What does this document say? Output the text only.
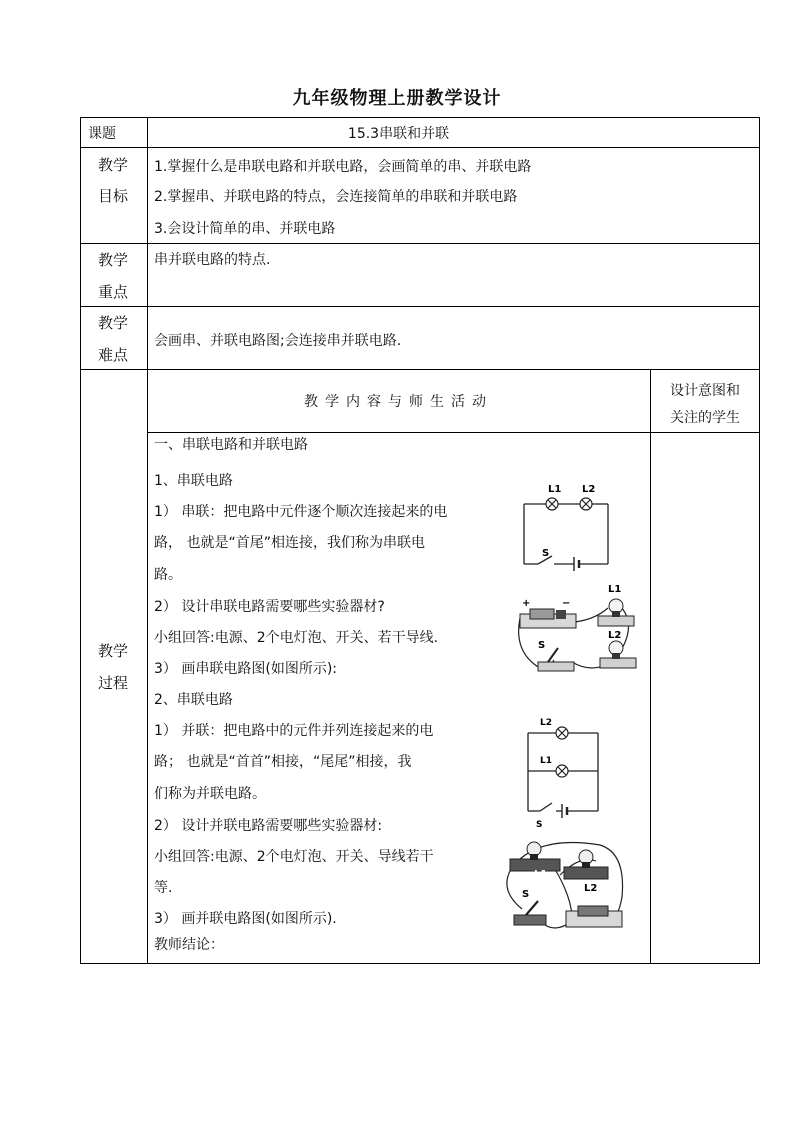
九年级物理上册教学设计
课题	15.3串联和并联
教学
目标
1.掌握什么是串联电路和并联电路，会画简单的串、并联电路
2.掌握串、并联电路的特点，会连接简单的串联和并联电路
3.会设计简单的串、并联电路
教学
重点
串并联电路的特点.
教学
难点
会画串、并联电路图;会连接串并联电路.
教学
过程
教学内容与师生活动
设计意图和
关注的学生
一、串联电路和并联电路
1、串联电路
1） 串联：把电路中元件逐个顺次连接起来的电
路， 也就是“首尾”相连接，我们称为串联电
路。
2） 设计串联电路需要哪些实验器材?
小组回答:电源、2个电灯泡、开关、若干导线.
3） 画串联电路图(如图所示):
2、串联电路
1） 并联：把电路中的元件并列连接起来的电
路； 也就是“首首”相接，“尾尾”相接，我
们称为并联电路。
2） 设计并联电路需要哪些实验器材:
小组回答:电源、2个电灯泡、开关、导线若干
等.
3） 画并联电路图(如图所示).
教师结论：
L1 L2
S
+	−
L1
L2
S
L2
L1
S
L1
L2
S
